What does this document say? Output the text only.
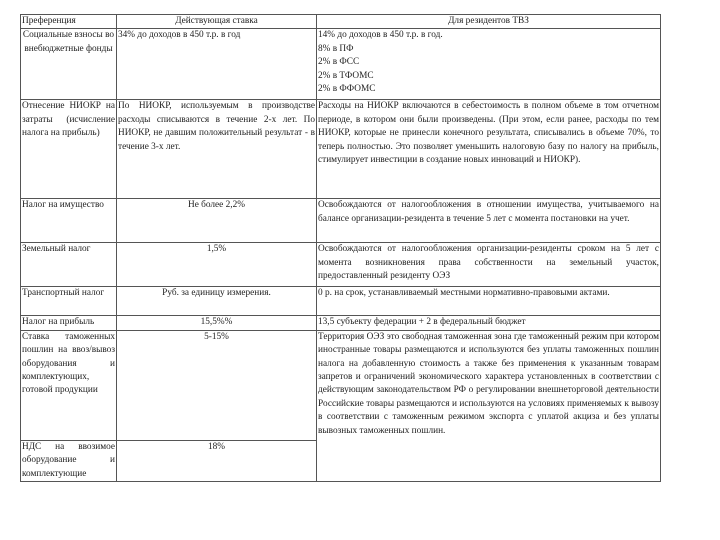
Преференция	Действующая ставка	Для резидентов ТВЗ
Социальные взносы во внебюджетные фонды	34% до доходов в 450 т.р. в год	14% до доходов в 450 т.р. в год.
8% в ПФ
2% в ФСС
2% в ТФОМС
2% в ФФОМС

Отнесение НИОКР на затраты (исчисление налога на прибыль)	По НИОКР, используемым в производстве расходы списываются в течение 2-х лет. По НИОКР, не давшим положительный результат - в течение 3-х лет.	Расходы на НИОКР включаются в себестоимость в полном объеме в том отчетном периоде, в котором они были произведены. (При этом, если ранее, расходы по тем НИОКР, которые не принесли конечного результата, списывались в объеме 70%, то теперь полностью. Это позволяет уменьшить налоговую базу по налогу на прибыль, стимулирует инвестиции в создание новых инноваций и НИОКР).
Налог на имущество	Не более 2,2%	Освобождаются от налогообложения в отношении имущества, учитываемого на балансе организации-резидента в течение 5 лет с момента постановки на учет.
Земельный налог	1,5%	Освобождаются от налогообложения организации-резиденты сроком на 5 лет с момента возникновения права собственности на земельный участок, предоставленный резиденту ОЭЗ
Транспортный налог	Руб. за единицу измерения.	0 р. на срок, устанавливаемый местными нормативно-правовыми актами.
Налог на прибыль	15,5%%	13,5 субъекту федерации + 2 в федеральный бюджет
Ставка таможенных пошлин на ввоз/вывоз оборудования и комплектующих, готовой продукции	5-15%	Территория ОЭЗ это свободная таможенная зона где таможенный режим при котором иностранные товары размещаются и используются без уплаты таможенных пошлин налога на добавленную стоимость а также без применения к указанным товарам запретов и ограничений экономического характера установленных в соответствии с действующим законодательством РФ о регулировании внешнеторговой деятельности Российские товары размещаются и используются на условиях применяемых к вывозу в соответствии с таможенным режимом экспорта с уплатой акциза и без уплаты вывозных таможенных пошлин.
НДС на ввозимое оборудование и комплектующие	18%	
